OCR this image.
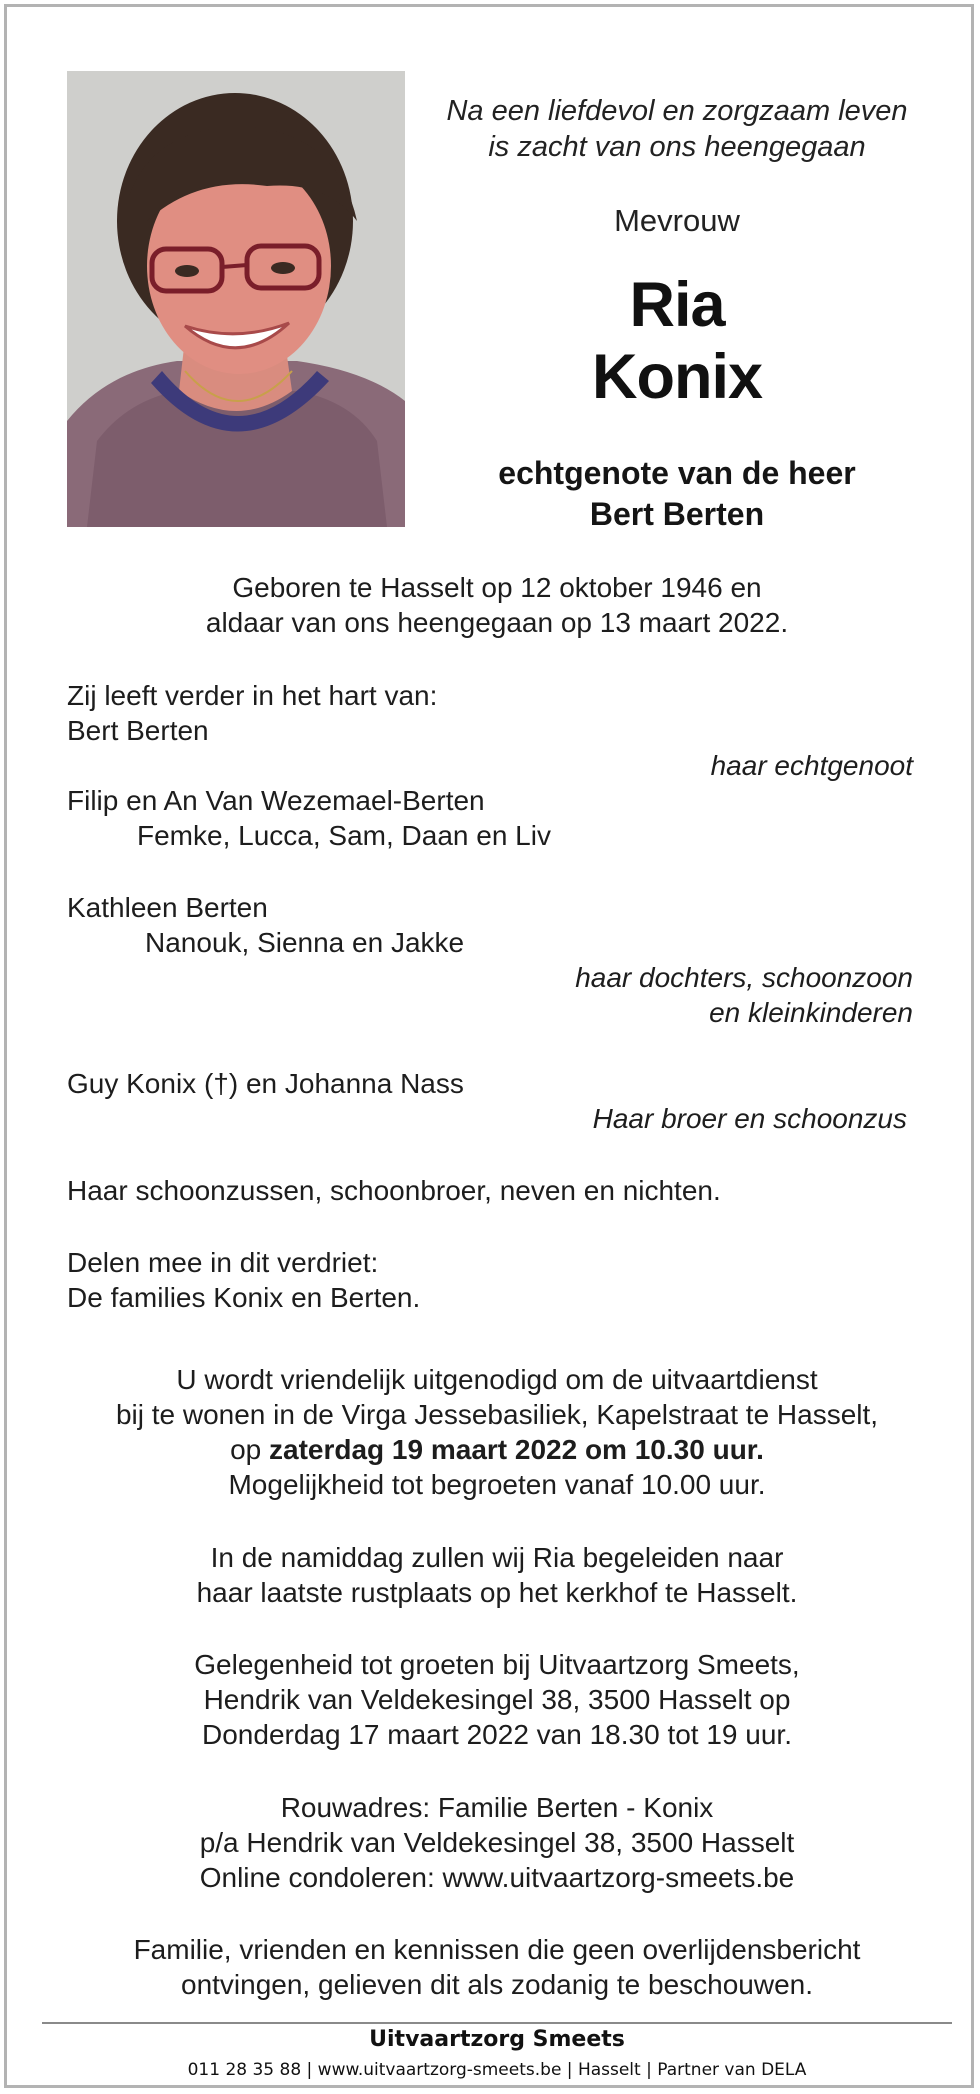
Na een liefdevol en zorgzaam leven
is zacht van ons heengegaan
Mevrouw
Ria
Konix
echtgenote van de heer
Bert Berten
Geboren te Hasselt op 12 oktober 1946 en
aldaar van ons heengegaan op 13 maart 2022.
Zij leeft verder in het hart van:
Bert Berten
haar echtgenoot
Filip en An Van Wezemael-Berten
Femke, Lucca, Sam, Daan en Liv
Kathleen Berten
Nanouk, Sienna en Jakke
haar dochters, schoonzoon
en kleinkinderen
Guy Konix (†) en Johanna Nass
Haar broer en schoonzus
Haar schoonzussen, schoonbroer, neven en nichten.
Delen mee in dit verdriet:
De families Konix en Berten.
U wordt vriendelijk uitgenodigd om de uitvaartdienst
bij te wonen in de Virga Jessebasiliek, Kapelstraat te Hasselt,
op zaterdag 19 maart 2022 om 10.30 uur.
Mogelijkheid tot begroeten vanaf 10.00 uur.
In de namiddag zullen wij Ria begeleiden naar
haar laatste rustplaats op het kerkhof te Hasselt.
Gelegenheid tot groeten bij Uitvaartzorg Smeets,
Hendrik van Veldekesingel 38, 3500 Hasselt op
Donderdag 17 maart 2022 van 18.30 tot 19 uur.
Rouwadres: Familie Berten - Konix
p/a Hendrik van Veldekesingel 38, 3500 Hasselt
Online condoleren: www.uitvaartzorg-smeets.be
Familie, vrienden en kennissen die geen overlijdensbericht
ontvingen, gelieven dit als zodanig te beschouwen.
Uitvaartzorg Smeets
011 28 35 88 | www.uitvaartzorg-smeets.be | Hasselt | Partner van DELA
